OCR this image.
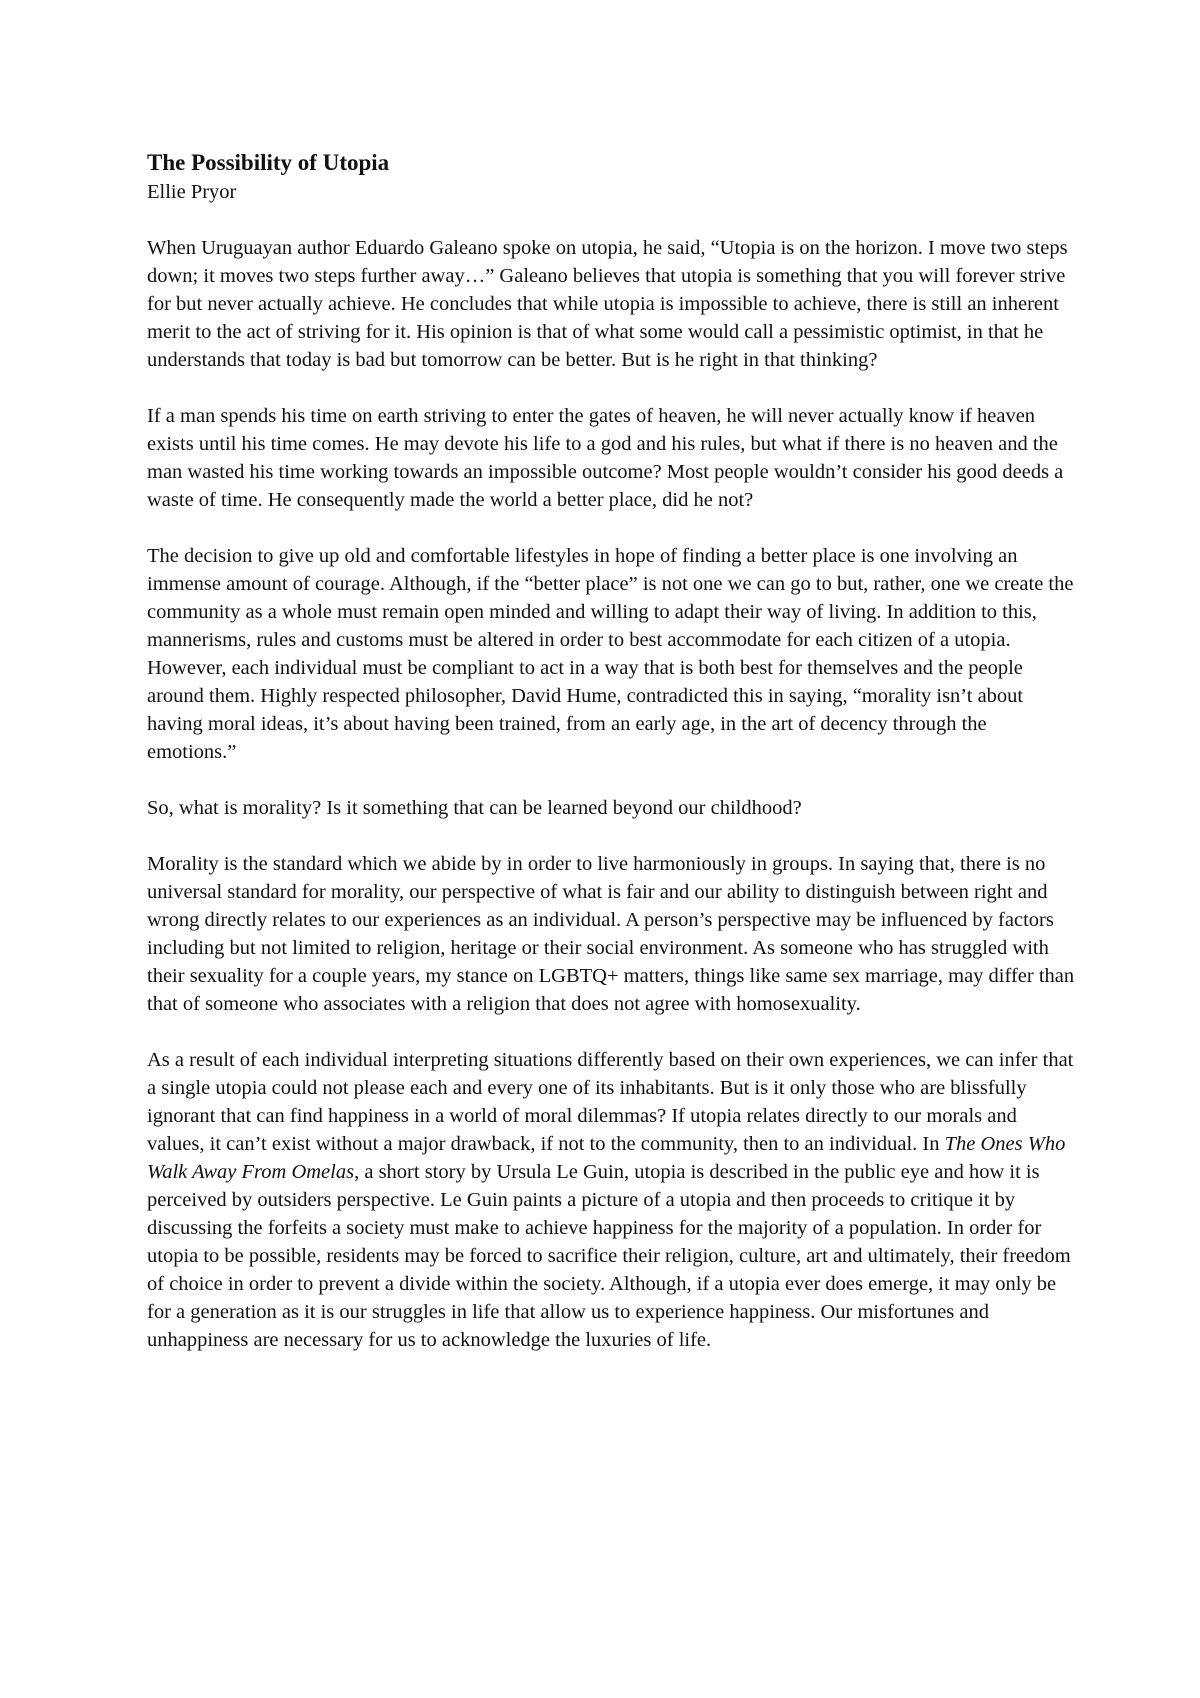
The Possibility of Utopia

Ellie Pryor

When Uruguayan author Eduardo Galeano spoke on utopia, he said, “Utopia is on the horizon. I move two steps down; it moves two steps further away…” Galeano believes that utopia is something that you will forever strive for but never actually achieve. He concludes that while utopia is impossible to achieve, there is still an inherent merit to the act of striving for it. His opinion is that of what some would call a pessimistic optimist, in that he understands that today is bad but tomorrow can be better. But is he right in that thinking?

If a man spends his time on earth striving to enter the gates of heaven, he will never actually know if heaven exists until his time comes. He may devote his life to a god and his rules, but what if there is no heaven and the man wasted his time working towards an impossible outcome? Most people wouldn’t consider his good deeds a waste of time. He consequently made the world a better place, did he not?

The decision to give up old and comfortable lifestyles in hope of finding a better place is one involving an immense amount of courage. Although, if the “better place” is not one we can go to but, rather, one we create the community as a whole must remain open minded and willing to adapt their way of living. In addition to this, mannerisms, rules and customs must be altered in order to best accommodate for each citizen of a utopia. However, each individual must be compliant to act in a way that is both best for themselves and the people around them. Highly respected philosopher, David Hume, contradicted this in saying, “morality isn’t about having moral ideas, it’s about having been trained, from an early age, in the art of decency through the emotions.”

So, what is morality? Is it something that can be learned beyond our childhood?

Morality is the standard which we abide by in order to live harmoniously in groups. In saying that, there is no universal standard for morality, our perspective of what is fair and our ability to distinguish between right and wrong directly relates to our experiences as an individual. A person’s perspective may be influenced by factors including but not limited to religion, heritage or their social environment. As someone who has struggled with their sexuality for a couple years, my stance on LGBTQ+ matters, things like same sex marriage, may differ than that of someone who associates with a religion that does not agree with homosexuality.

As a result of each individual interpreting situations differently based on their own experiences, we can infer that a single utopia could not please each and every one of its inhabitants. But is it only those who are blissfully ignorant that can find happiness in a world of moral dilemmas? If utopia relates directly to our morals and values, it can’t exist without a major drawback, if not to the community, then to an individual. In The Ones Who Walk Away From Omelas, a short story by Ursula Le Guin, utopia is described in the public eye and how it is perceived by outsiders perspective. Le Guin paints a picture of a utopia and then proceeds to critique it by discussing the forfeits a society must make to achieve happiness for the majority of a population. In order for utopia to be possible, residents may be forced to sacrifice their religion, culture, art and ultimately, their freedom of choice in order to prevent a divide within the society. Although, if a utopia ever does emerge, it may only be for a generation as it is our struggles in life that allow us to experience happiness. Our misfortunes and unhappiness are necessary for us to acknowledge the luxuries of life.
